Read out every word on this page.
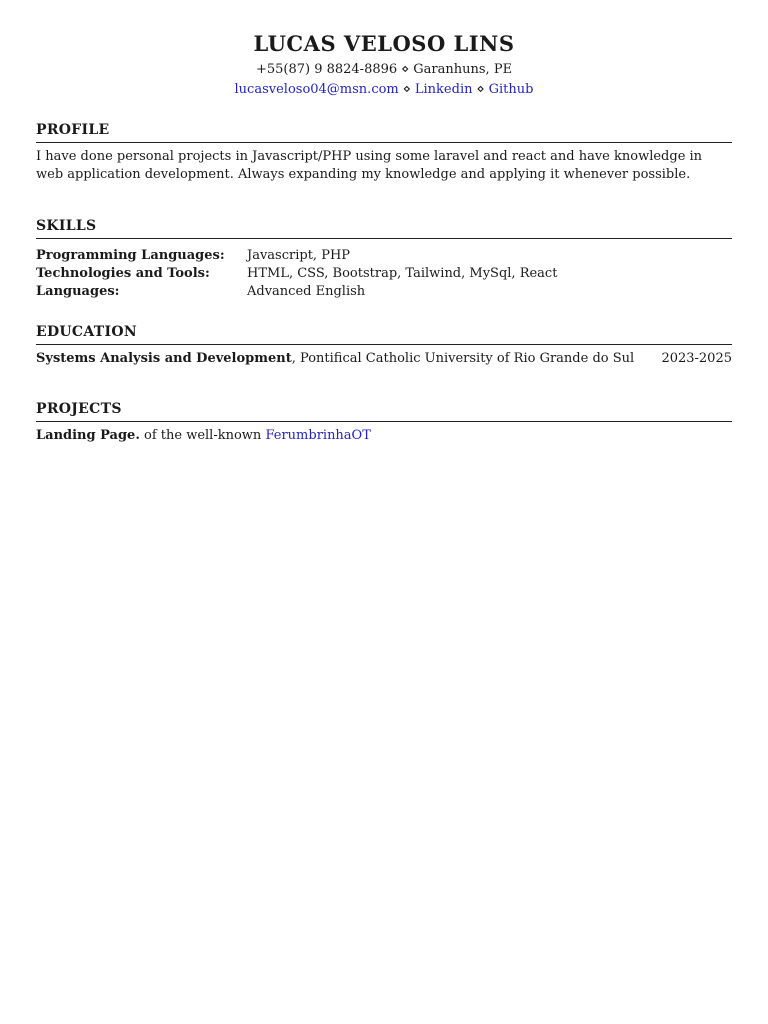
LUCAS VELOSO LINS
+55(87) 9 8824-8896 ⋄ Garanhuns, PE
lucasveloso04@msn.com ⋄ Linkedin ⋄ Github
PROFILE
I have done personal projects in Javascript/PHP using some laravel and react and have knowledge in web application development. Always expanding my knowledge and applying it whenever possible.
SKILLS
Programming Languages:	Javascript, PHP
Technologies and Tools:	HTML, CSS, Bootstrap, Tailwind, MySql, React
Languages:	Advanced English
EDUCATION
Systems Analysis and Development, Pontifical Catholic University of Rio Grande do Sul 2023-2025
PROJECTS
Landing Page. of the well-known FerumbrinhaOT
